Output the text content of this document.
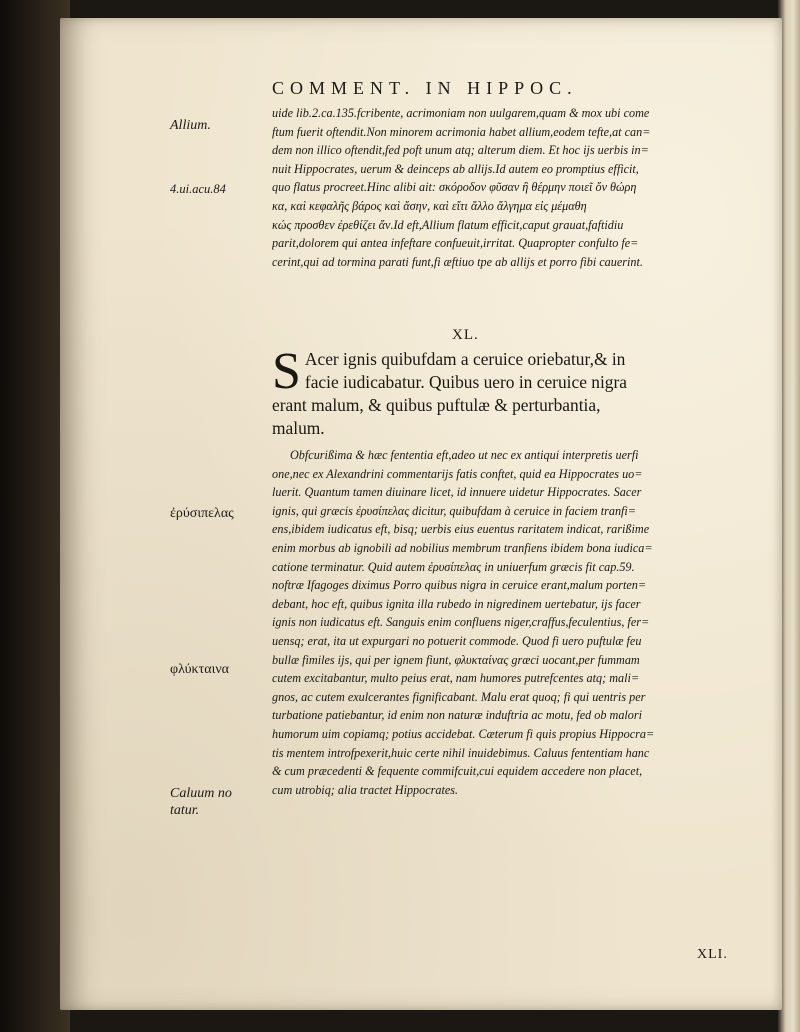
COMMENT. IN HIPPOC.
Allium.
4.ui.acu.84
ἐρύσιπελας
φλύκταινα
Caluum no
tatur.
uide lib.2.ca.135.fcribente, acrimoniam non uulgarem,quam & mox ubi come
ftum fuerit oftendit.Non minorem acrimonia habet allium,eodem tefte,at can=
dem non illico oftendit,fed poft unum atq; alterum diem. Et hoc ijs uerbis in=
nuit Hippocrates, uerum & deinceps ab allijs.Id autem eo promptius efficit,
quo flatus procreet.Hinc alibi ait: σκόροδον φῦσαν ἢ θέρμην ποιεῖ ὄν θώρη
κα, καὶ κεφαλῆς βάρος καὶ ἄσην, καὶ εἴτι ἄλλο ἄλγημα εἰς μέμαθη
κώς προσθεν ἐρεθίζει ἄν.Id eft,Allium flatum efficit,caput grauat,faftidiu
parit,dolorem qui antea infeftare confueuit,irritat. Quapropter confulto fe=
cerint,qui ad tormina parati funt,fi æftiuo tpe ab allijs et porro fibi cauerint.
XL.
S Acer ignis quibufdam a ceruice oriebatur,& in
facie iudicabatur. Quibus uero in ceruice nigra
erant malum, & quibus puftulæ & perturbantia,
malum.
Obfcurißima & hæc fententia eft,adeo ut nec ex antiqui interpretis uerfi
one,nec ex Alexandrini commentarijs fatis conftet, quid ea Hippocrates uo=
luerit. Quantum tamen diuinare licet, id innuere uidetur Hippocrates. Sacer
ignis, qui græcis ἐρυσίπελας dicitur, quibufdam à ceruice in faciem tranfi=
ens,ibidem iudicatus eft, bisq; uerbis eius euentus raritatem indicat, rarißime
enim morbus ab ignobili ad nobilius membrum tranfiens ibidem bona iudica=
catione terminatur. Quid autem ἐρυσίπελας in uniuerfum græcis fit cap.59.
noftræ Ifagoges diximus Porro quibus nigra in ceruice erant,malum porten=
debant, hoc eft, quibus ignita illa rubedo in nigredinem uertebatur, ijs facer
ignis non iudicatus eft. Sanguis enim confluens niger,craffus,feculentius, fer=
uensq; erat, ita ut expurgari no potuerit commode. Quod fi uero puftulæ feu
bullæ fimiles ijs, qui per ignem fiunt, φλυκταίνας græci uocant,per fummam
cutem excitabantur, multo peius erat, nam humores putrefcentes atq; mali=
gnos, ac cutem exulcerantes fignificabant. Malu erat quoq; fi qui uentris per
turbatione patiebantur, id enim non naturæ induftria ac motu, fed ob malori
humorum uim copiamq; potius accidebat. Cæterum fi quis propius Hippocra=
tis mentem introfpexerit,huic certe nihil inuidebimus. Caluus fententiam hanc
& cum præcedenti & fequente commifcuit,cui equidem accedere non placet,
cum utrobiq; alia tractet Hippocrates.
XLI.
